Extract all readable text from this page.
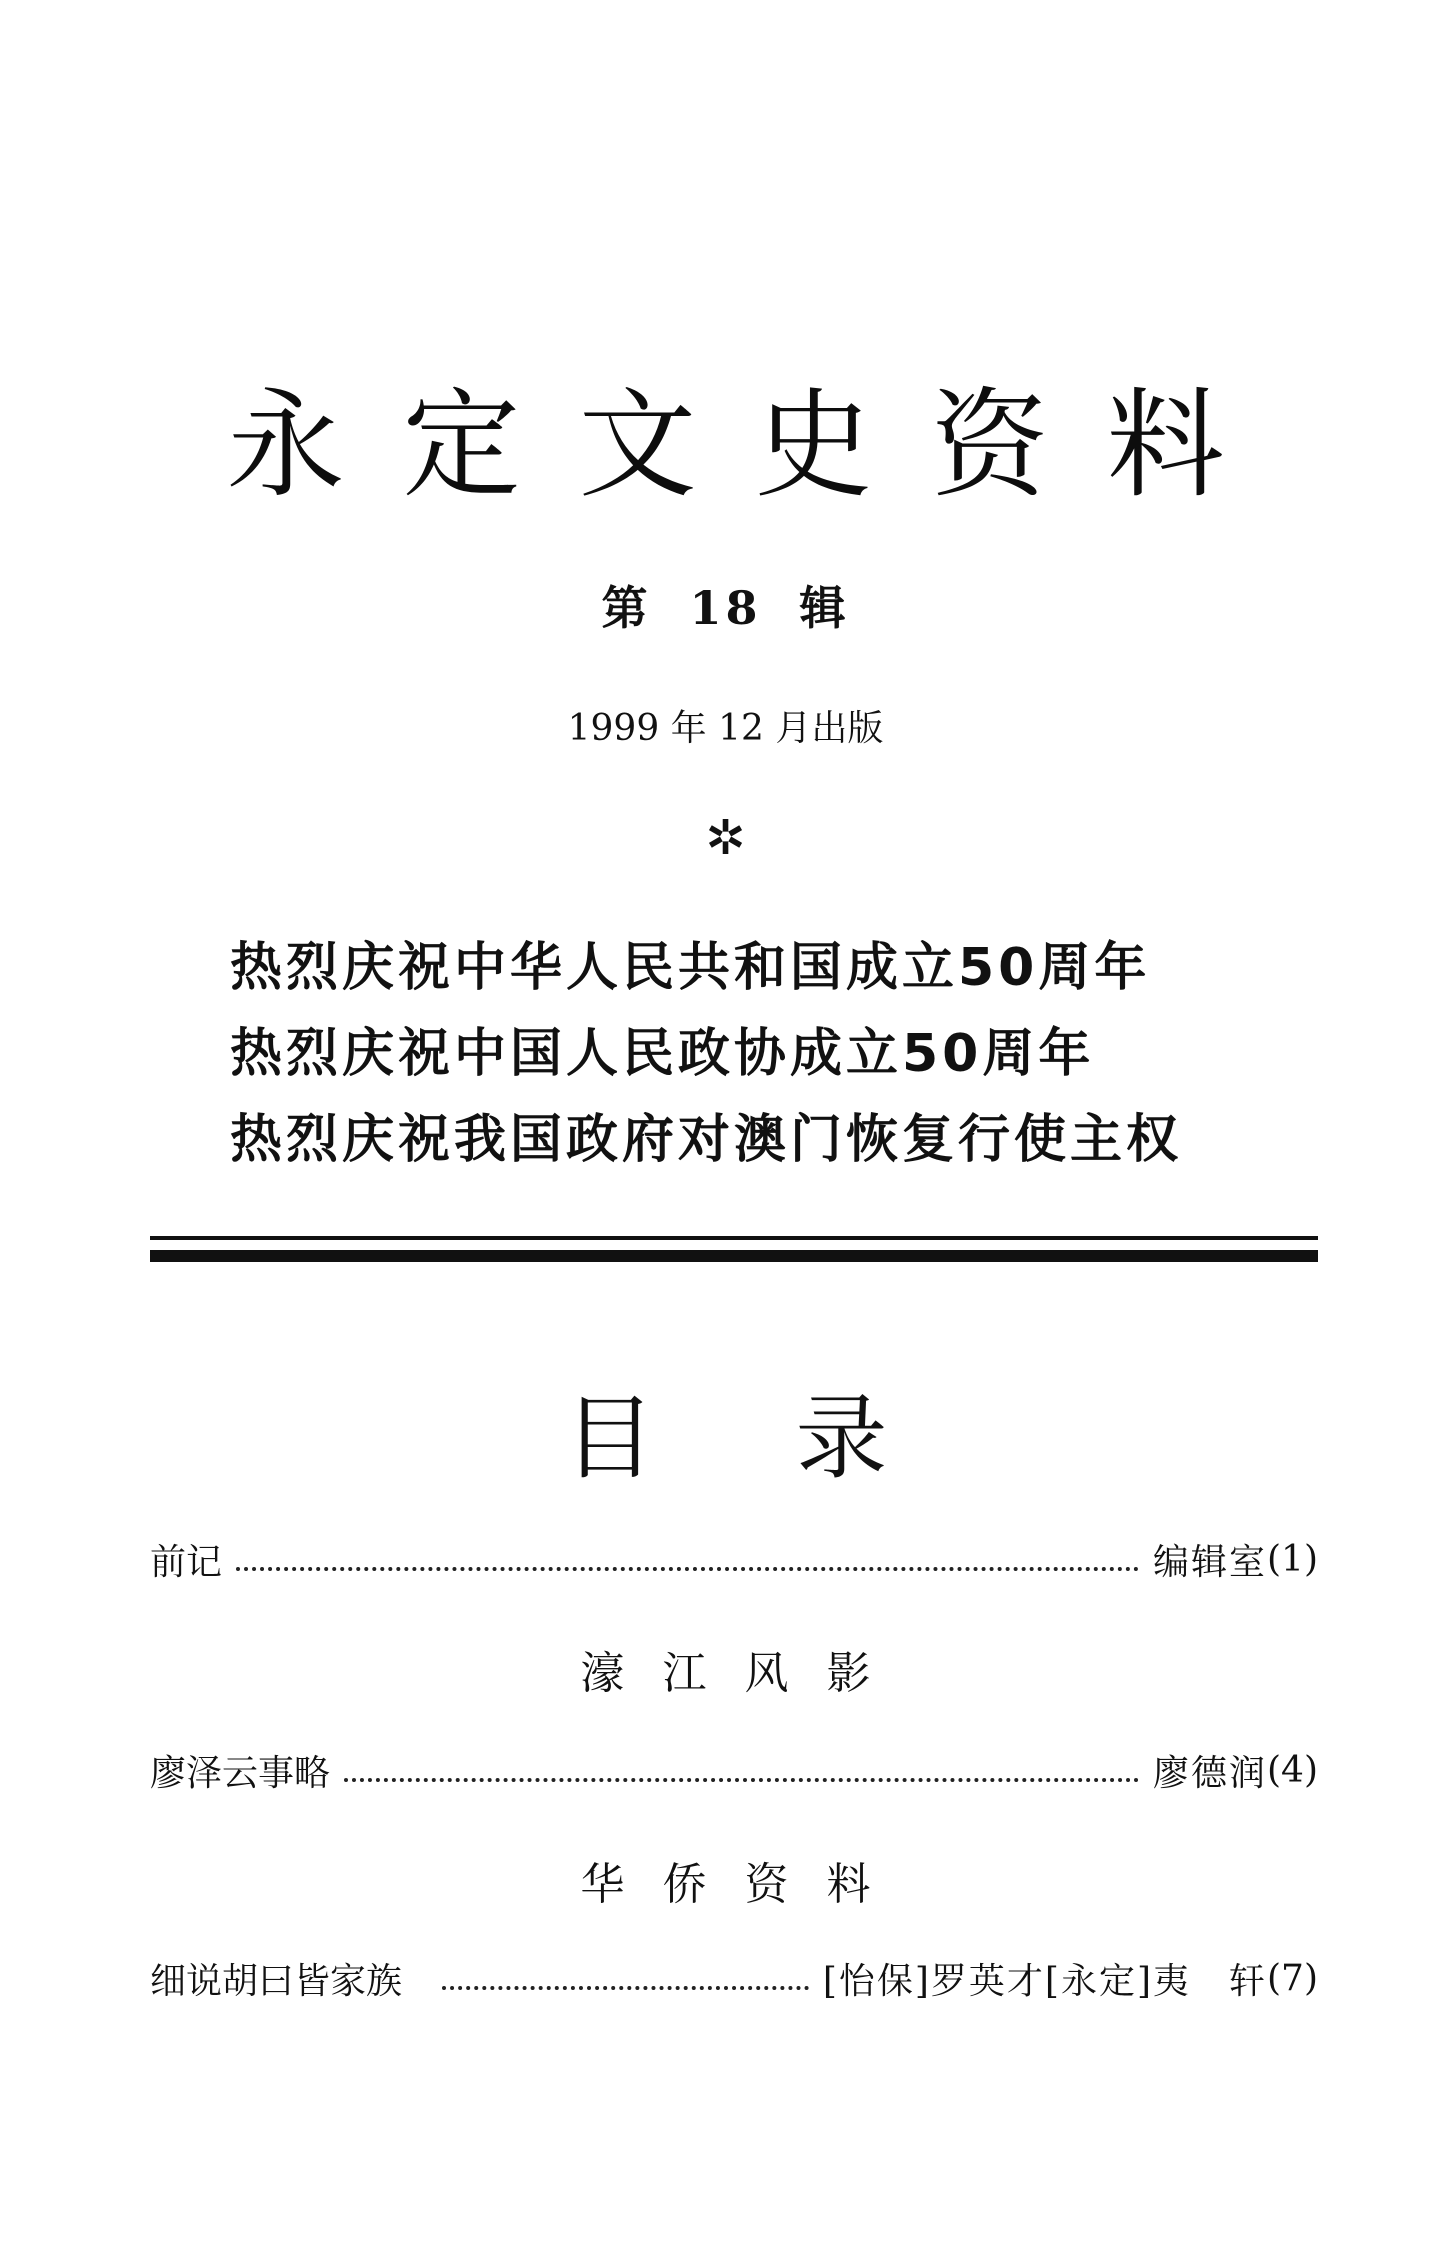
永定文史资料
第 18 辑
1999 年 12 月出版
✲
热烈庆祝中华人民共和国成立50周年
热烈庆祝中国人民政协成立50周年
热烈庆祝我国政府对澳门恢复行使主权
目录
前记	编辑室 (1)
濠江风影
廖泽云事略	廖德润 (4)
华侨资料
细说胡曰皆家族	[怡保]罗英才[永定]夷　轩 (7)
